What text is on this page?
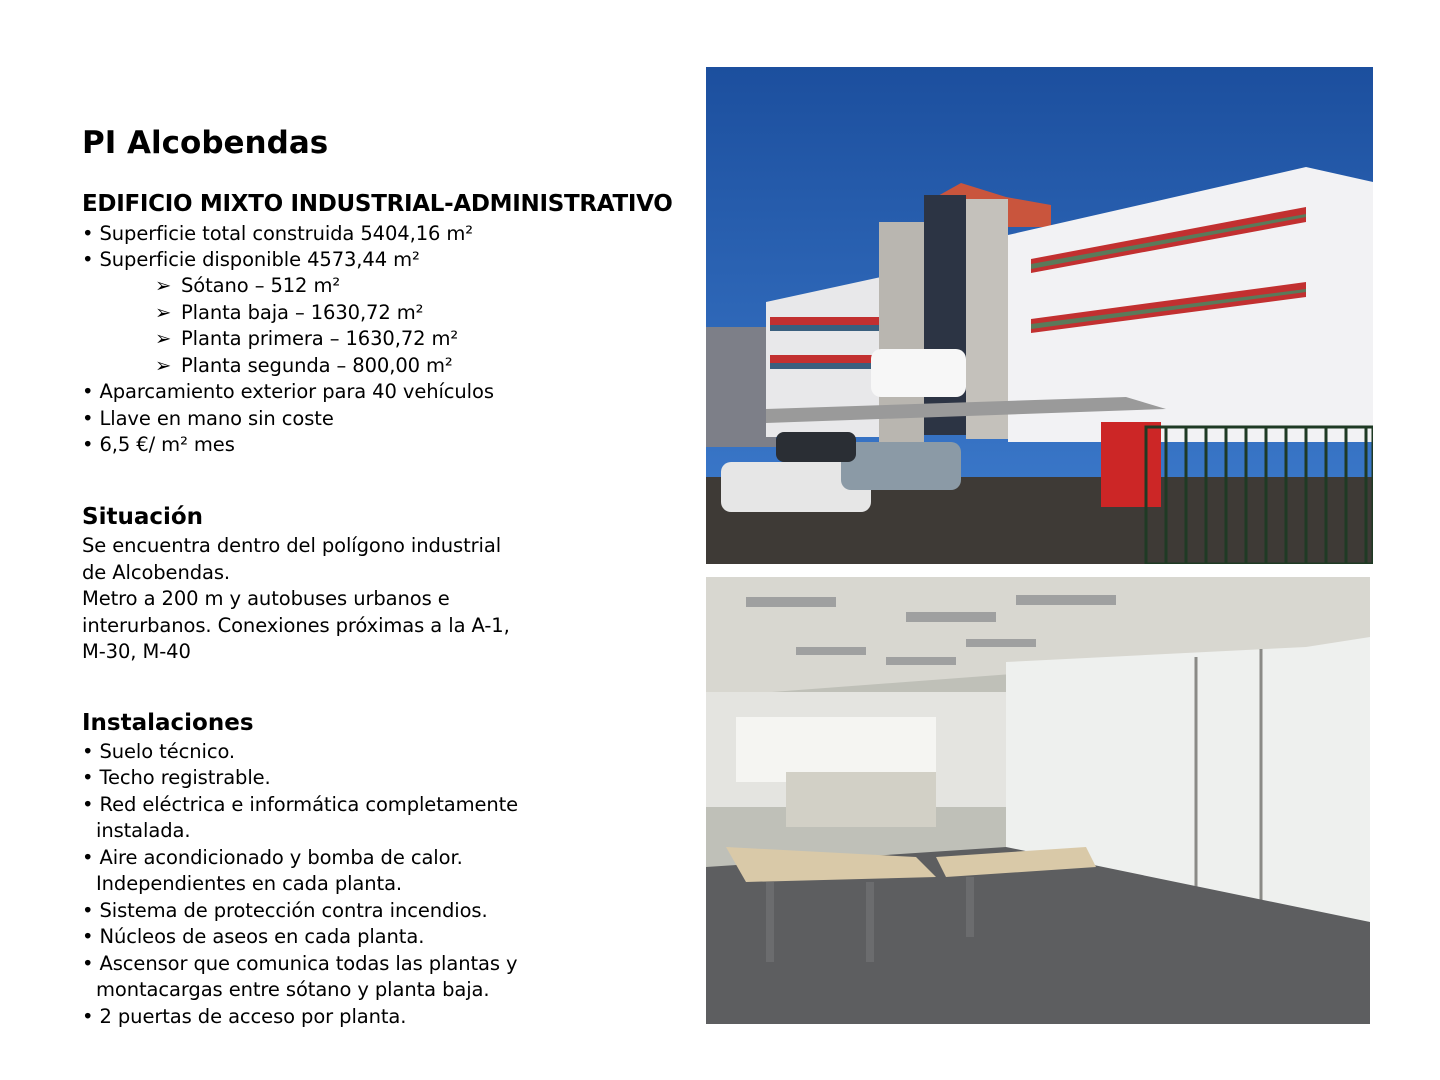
PI Alcobendas
EDIFICIO MIXTO INDUSTRIAL-ADMINISTRATIVO
• Superficie total construida 5404,16 m²
• Superficie disponible 4573,44 m²
➢ Sótano – 512 m²
➢ Planta baja – 1630,72 m²
➢ Planta primera – 1630,72 m²
➢ Planta segunda – 800,00 m²
• Aparcamiento exterior para 40 vehículos
• Llave en mano sin coste
• 6,5 €/ m² mes
Situación
Se encuentra dentro del polígono industrial
de Alcobendas.
Metro a 200 m y autobuses urbanos e
interurbanos. Conexiones próximas a la A-1,
M-30, M-40
Instalaciones
• Suelo técnico.
• Techo registrable.
• Red eléctrica e informática completamente
instalada.
• Aire acondicionado y bomba de calor.
Independientes en cada planta.
• Sistema de protección contra incendios.
• Núcleos de aseos en cada planta.
• Ascensor que comunica todas las plantas y
montacargas entre sótano y planta baja.
• 2 puertas de acceso por planta.
